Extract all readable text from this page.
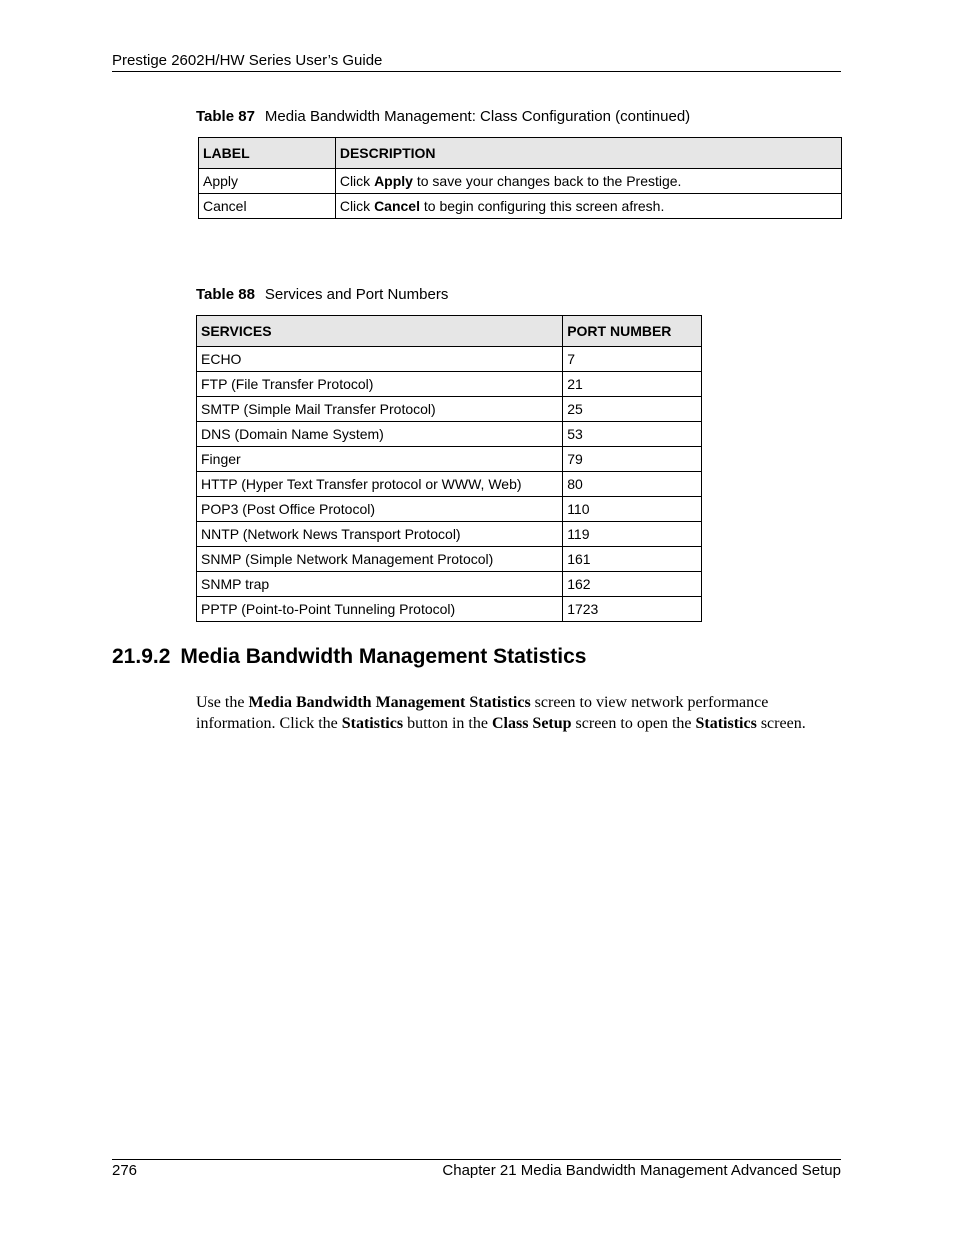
Prestige 2602H/HW Series User’s Guide
Table 87 Media Bandwidth Management: Class Configuration (continued)
LABEL	DESCRIPTION
Apply	Click Apply to save your changes back to the Prestige.
Cancel	Click Cancel to begin configuring this screen afresh.
Table 88 Services and Port Numbers
SERVICES	PORT NUMBER
ECHO	7
FTP (File Transfer Protocol)	21
SMTP (Simple Mail Transfer Protocol)	25
DNS (Domain Name System)	53
Finger	79
HTTP (Hyper Text Transfer protocol or WWW, Web)	80
POP3 (Post Office Protocol)	110
NNTP (Network News Transport Protocol)	119
SNMP (Simple Network Management Protocol)	161
SNMP trap	162
PPTP (Point-to-Point Tunneling Protocol)	1723
21.9.2 Media Bandwidth Management Statistics
Use the Media Bandwidth Management Statistics screen to view network performance information. Click the Statistics button in the Class Setup screen to open the Statistics screen.
276	Chapter 21 Media Bandwidth Management Advanced Setup
